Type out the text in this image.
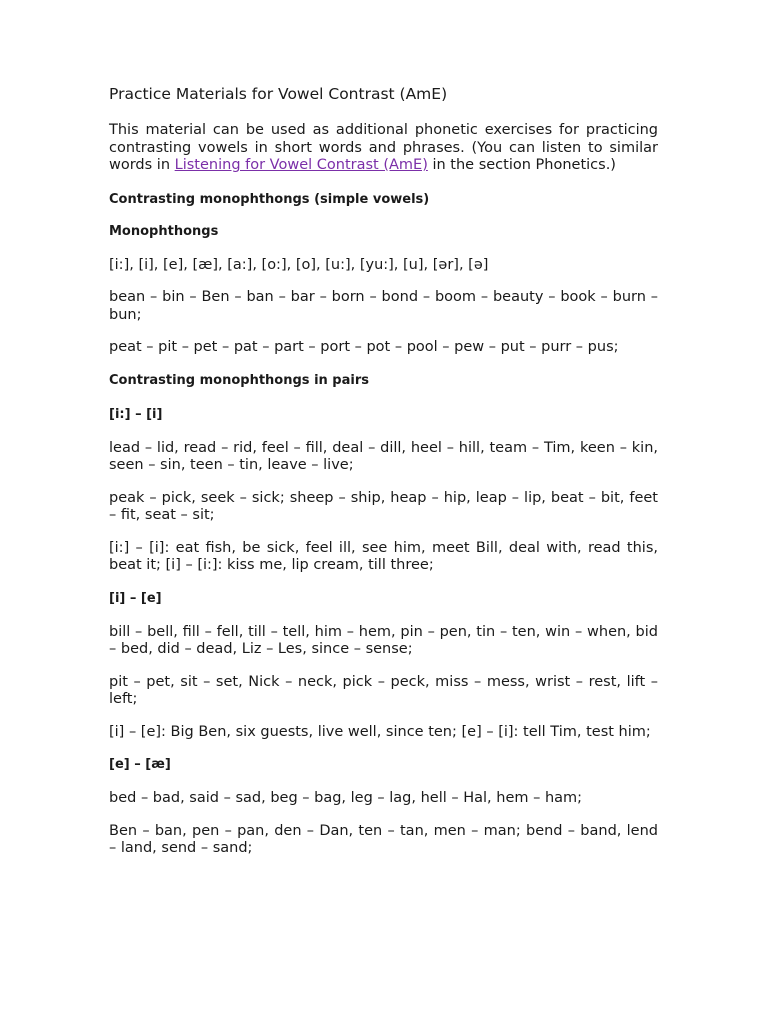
Practice Materials for Vowel Contrast (AmE)

This material can be used as additional phonetic exercises for practicing contrasting vowels in short words and phrases. (You can listen to similar words in Listening for Vowel Contrast (AmE) in the section Phonetics.)

Contrasting monophthongs (simple vowels)
Monophthongs

[i:], [i], [e], [æ], [a:], [o:], [o], [u:], [yu:], [u], [ər], [ə]

bean – bin – Ben – ban – bar – born – bond – boom – beauty – book – burn – bun;

peat – pit – pet – pat – part – port – pot – pool – pew – put – purr – pus;

Contrasting monophthongs in pairs
[i:] – [i]

lead – lid, read – rid, feel – fill, deal – dill, heel – hill, team – Tim, keen – kin, seen – sin, teen – tin, leave – live;

peak – pick, seek – sick; sheep – ship, heap – hip, leap – lip, beat – bit, feet – fit, seat – sit;

[i:] – [i]: eat fish, be sick, feel ill, see him, meet Bill, deal with, read this, beat it; [i] – [i:]: kiss me, lip cream, till three;

[i] – [e]

bill – bell, fill – fell, till – tell, him – hem, pin – pen, tin – ten, win – when, bid – bed, did – dead, Liz – Les, since – sense;

pit – pet, sit – set, Nick – neck, pick – peck, miss – mess, wrist – rest, lift – left;

[i] – [e]: Big Ben, six guests, live well, since ten; [e] – [i]: tell Tim, test him;

[e] – [æ]

bed – bad, said – sad, beg – bag, leg – lag, hell – Hal, hem – ham;

Ben – ban, pen – pan, den – Dan, ten – tan, men – man; bend – band, lend – land, send – sand;
